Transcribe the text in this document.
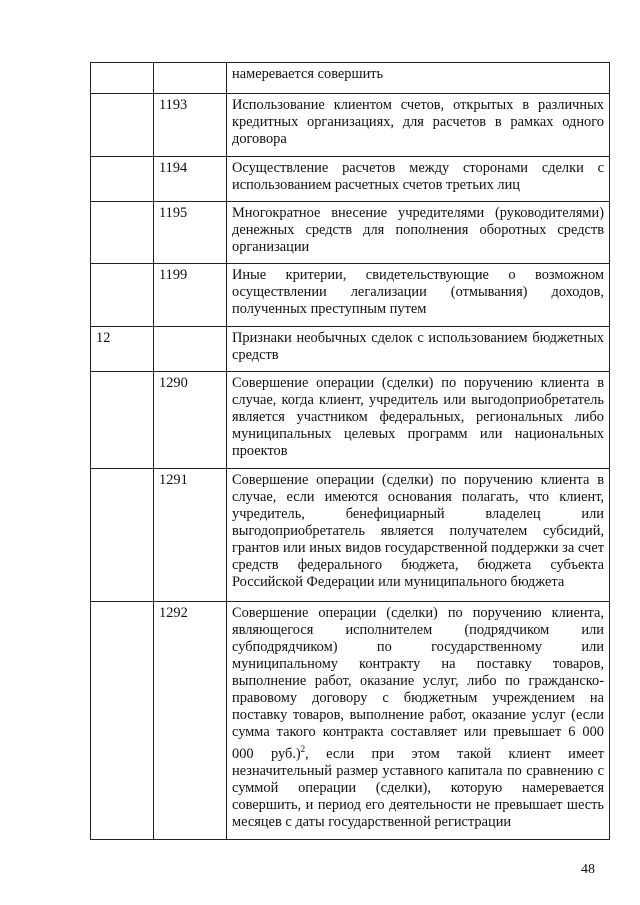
		намеревается совершить
	1193	Использование клиентом счетов, открытых в различных кредитных организациях, для расчетов в рамках одного договора
	1194	Осуществление расчетов между сторонами сделки с использованием расчетных счетов третьих лиц
	1195	Многократное внесение учредителями (руководителями) денежных средств для пополнения оборотных средств организации
	1199	Иные критерии, свидетельствующие о возможном осуществлении легализации (отмывания) доходов, полученных преступным путем
12		Признаки необычных сделок с использованием бюджетных средств
	1290	Совершение операции (сделки) по поручению клиента в случае, когда клиент, учредитель или выгодоприобретатель является участником федеральных, региональных либо муниципальных целевых программ или национальных проектов
	1291	Совершение операции (сделки) по поручению клиента в случае, если имеются основания полагать, что клиент, учредитель, бенефициарный владелец или выгодоприобретатель является получателем субсидий, грантов или иных видов государственной поддержки за счет средств федерального бюджета, бюджета субъекта Российской Федерации или муниципального бюджета
	1292	Совершение операции (сделки) по поручению клиента, являющегося исполнителем (подрядчиком или субподрядчиком) по государственному или муниципальному контракту на поставку товаров, выполнение работ, оказание услуг, либо по гражданско-правовому договору с бюджетным учреждением на поставку товаров, выполнение работ, оказание услуг (если сумма такого контракта составляет или превышает 6 000 000 руб.)$^2$, если при этом такой клиент имеет незначительный размер уставного капитала по сравнению с суммой операции (сделки), которую намеревается совершить, и период его деятельности не превышает шесть месяцев с даты государственной регистрации
48
